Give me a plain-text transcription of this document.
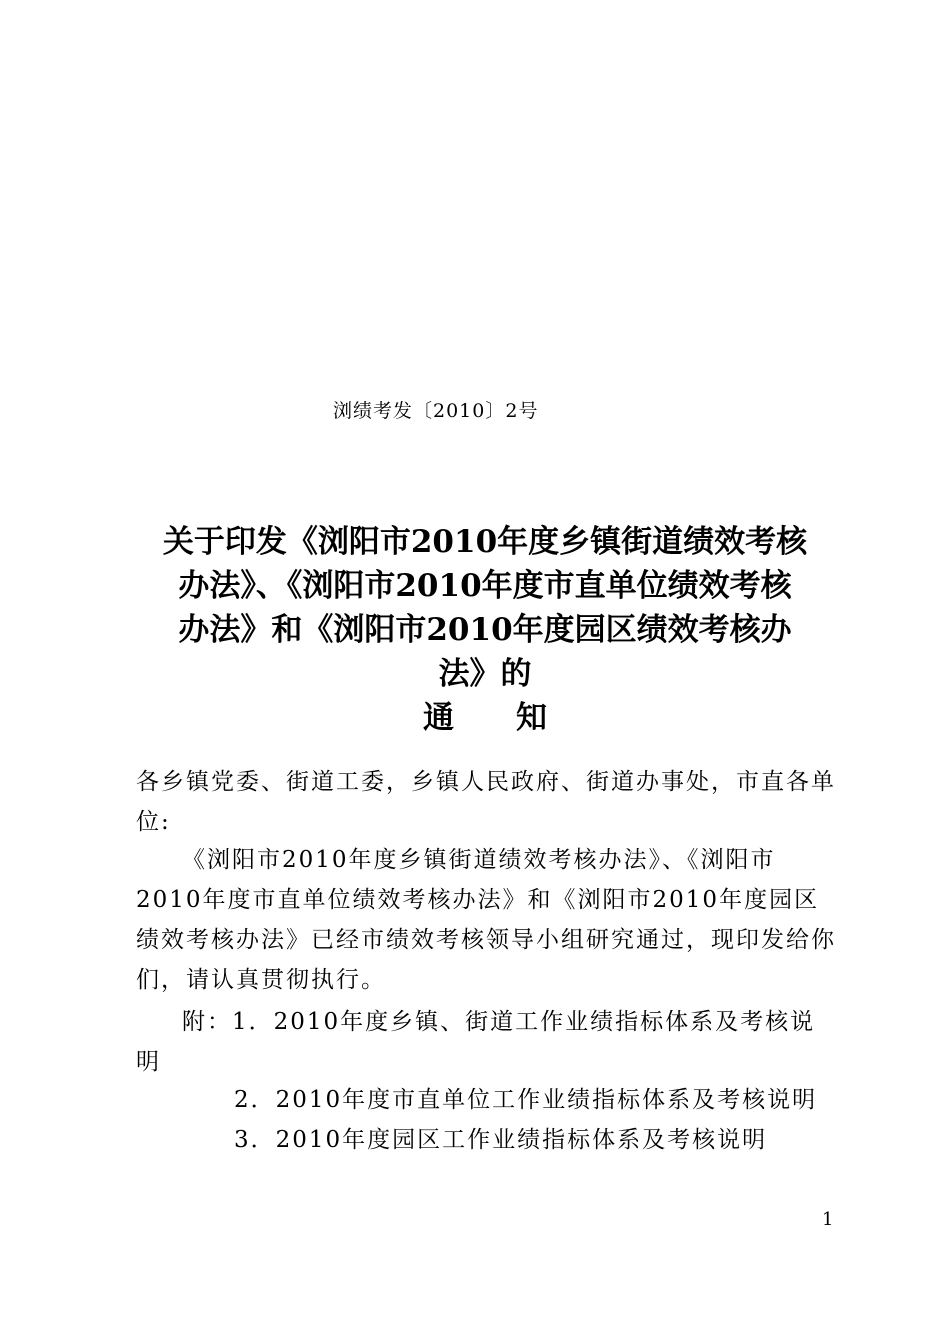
浏绩考发〔2010〕2号
关于印发《浏阳市2010年度乡镇街道绩效考核
办法》、《浏阳市2010年度市直单位绩效考核
办法》和《浏阳市2010年度园区绩效考核办
法》的
通知
各乡镇党委、街道工委，乡镇人民政府、街道办事处，市直各单位:
《浏阳市2010年度乡镇街道绩效考核办法》、《浏阳市2010年度市直单位绩效考核办法》和《浏阳市2010年度园区绩效考核办法》已经市绩效考核领导小组研究通过，现印发给你们，请认真贯彻执行。
附：1．2010年度乡镇、街道工作业绩指标体系及考核说明
2．2010年度市直单位工作业绩指标体系及考核说明
3．2010年度园区工作业绩指标体系及考核说明
1
